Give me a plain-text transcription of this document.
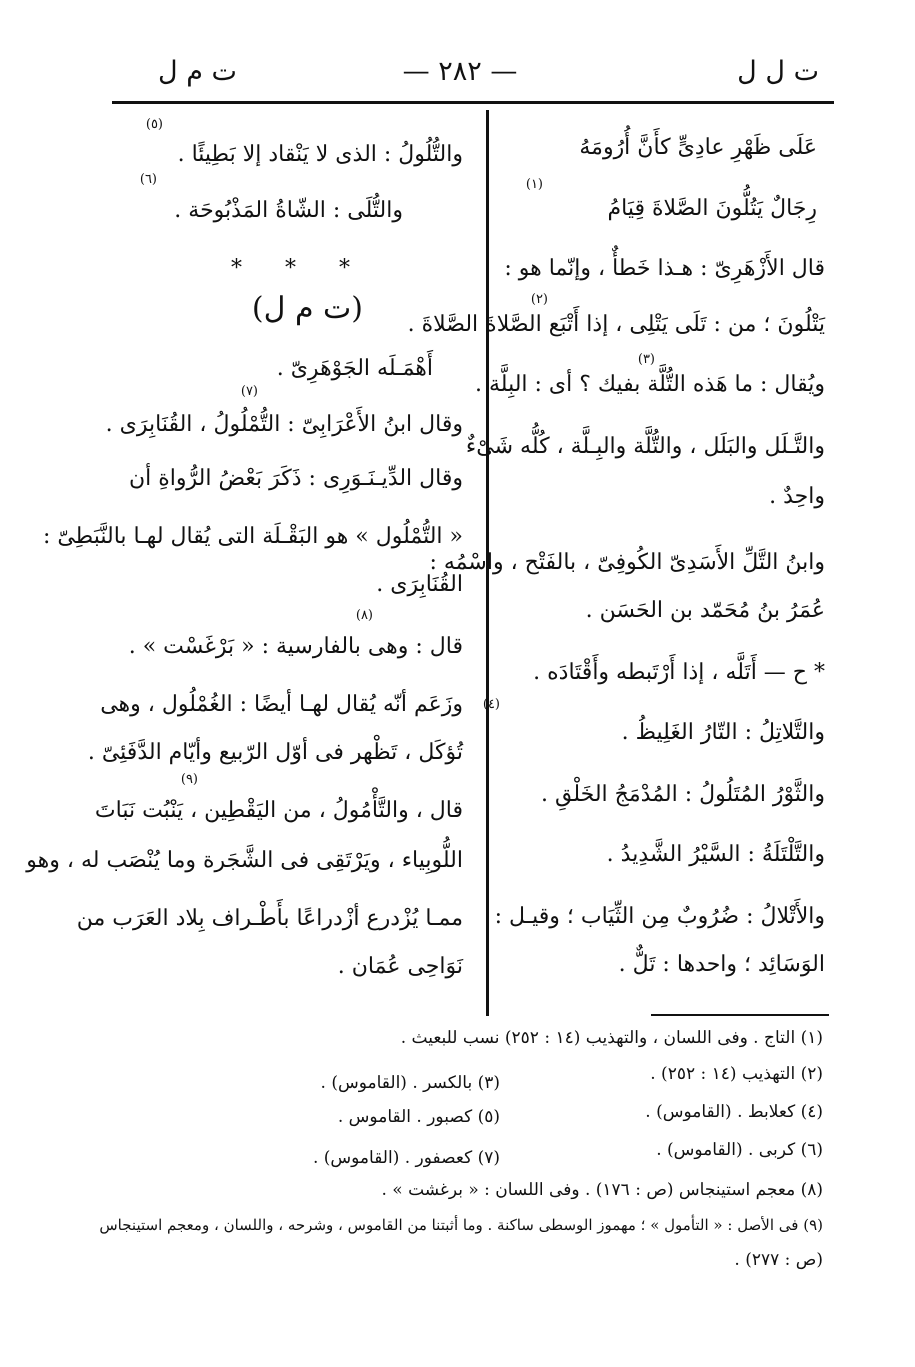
ت ل ل
— ٢٨٢ —
ت م ل
عَلَى ظَهْرِ عادِىٍّ كأَنَّ أُرُومَهُ
(١)
رِجَالٌ يَتُلُّونَ الصَّلاةَ قِيَامُ
قال الأَزْهَرِىّ : هـذا خَطأٌ ، وإنّما هو :
(٢)
يَتْلُونَ ؛ من : تَلَى يَتْلِى ، إذا أَتْبَع الصَّلاةَ الصَّلاةَ .
(٣)
ويُقال : ما هَذه التُّلَّة بفيك ؟ أى : البِلَّة .
والتَّـلَل والبَلَل ، والتُّلَّة والبِـلَّة ، كُلُّه شَىْءٌ
واحِدٌ .
وابنُ التَّلِّ الأَسَدِىّ الكُوفِىّ ، بالفَتْح ، واسْمُه :
عُمَرُ بنُ مُحَمّد بن الحَسَن .
* ح — أَتَلَّه ، إذا أَرْتَبطه وأَقْتَادَه .
(٤)
والتَّلاتِلُ : التّارُ الغَلِيظُ .
والثَّوْرُ المُتَلُولُ : المُدْمَجُ الخَلْقِ .
والتَّلْتَلَةُ : السَّيْرُ الشَّدِيدُ .
والأَتْلالُ : ضُرُوبٌ مِن الثِّيَاب ؛ وقيـل :
الوَسَائِد ؛ واحدها : تَلٌّ .
(٥)
والتُّلُولُ : الذى لا يَنْقاد إلا بَطِيئًا .
(٦)
والتُّلَى : الشّاةُ المَذْبُوحَة .
* * *
(ت م ل)
أَهْمَـلَه الجَوْهَرِىّ .
(٧)
وقال ابنُ الأَعْرَابِىّ : التُّمْلُولُ ، القُنَابِرَى .
وقال الدِّيـنَـوَرِى : ذَكَرَ بَعْضُ الرُّواةِ أن
« التُّمْلُول » هو البَقْـلَة التى يُقال لهـا بالنَّبَطِىّ :
القُنَابِرَى .
(٨)
قال : وهى بالفارسية : « بَرْغَسْت » .
وزَعَم أنّه يُقال لهـا أيضًا : الغُمْلُول ، وهى
تُؤكَل ، تَظْهر فى أوّل الرّبيع وأيّام الدَّفَئِىّ .
(٩)
قال ، والتَّأْمُولُ ، من اليَقْطِين ، يَنْبُت نَبَاتَ
اللُّوبِياء ، ويَرْتَقِى فى الشَّجَرة وما يُنْصَب له ، وهو
ممـا يُزْدرع أزْدراعًا بأَطْـراف بِلاد العَرَب من
نَوَاحِى عُمَان .
(١) التاج . وفى اللسان ، والتهذيب (١٤ : ٢٥٢) نسب للبعيث .
(٢) التهذيب (١٤ : ٢٥٢) .
(٣) بالكسر . (القاموس) .
(٤) كعلابط . (القاموس) .
(٥) كصبور . القاموس .
(٦) كربى . (القاموس) .
(٧) كعصفور . (القاموس) .
(٨) معجم استينجاس (ص : ١٧٦) . وفى اللسان : « برغشت » .
(٩) فى الأصل : « التأمول » ؛ مهموز الوسطى ساكنة . وما أثبتنا من القاموس ، وشرحه ، واللسان ، ومعجم استينجاس
(ص : ٢٧٧) .
